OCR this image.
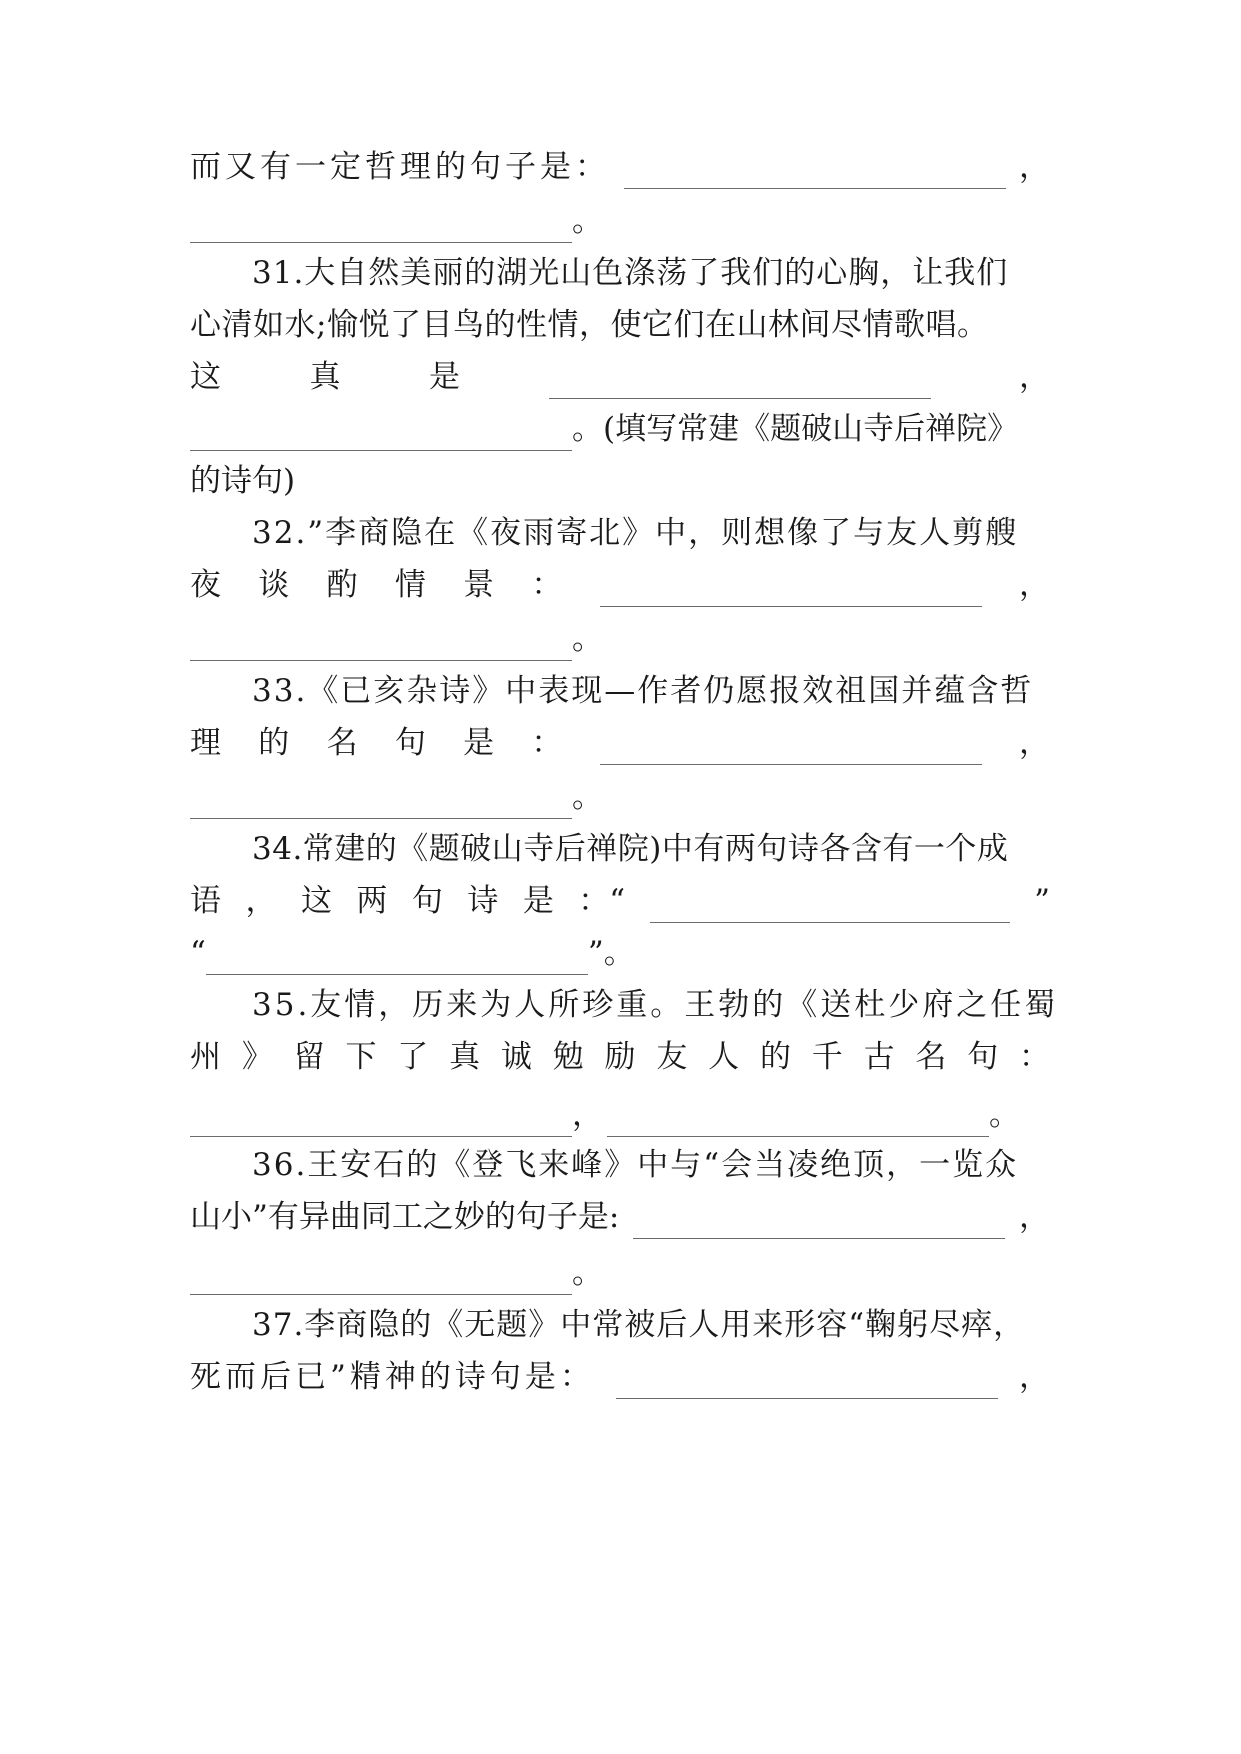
而又有一定哲理的句子是：	，
。
31.大自然美丽的湖光山色涤荡了我们的心胸，让我们
心清如水;愉悦了目鸟的性情，使它们在山林间尽情歌唱。
这	真	是	，
。(填写常建《题破山寺后禅院》
的诗句)
32.”李商隐在《夜雨寄北》中，则想像了与友人剪艘
夜 谈 酌 情 景 ：	，
。
33.《已亥杂诗》中表现—作者仍愿报效祖国并蕴含哲
理 的 名 句 是 ：	，
。
34.常建的《题破山寺后禅院)中有两句诗各含有一个成
语 ， 这 两 句 诗 是 ：“	”
“	”。
35.友情，历来为人所珍重。王勃的《送杜少府之任蜀
州 》 留 下 了 真 诚 勉 励 友 人 的 千 古 名 句 ：
，	。
36.王安石的《登飞来峰》中与“会当凌绝顶，一览众
山小”有异曲同工之妙的句子是:	，
。
37.李商隐的《无题》中常被后人用来形容“鞠躬尽瘁，
死而后已”精神的诗句是：	，
